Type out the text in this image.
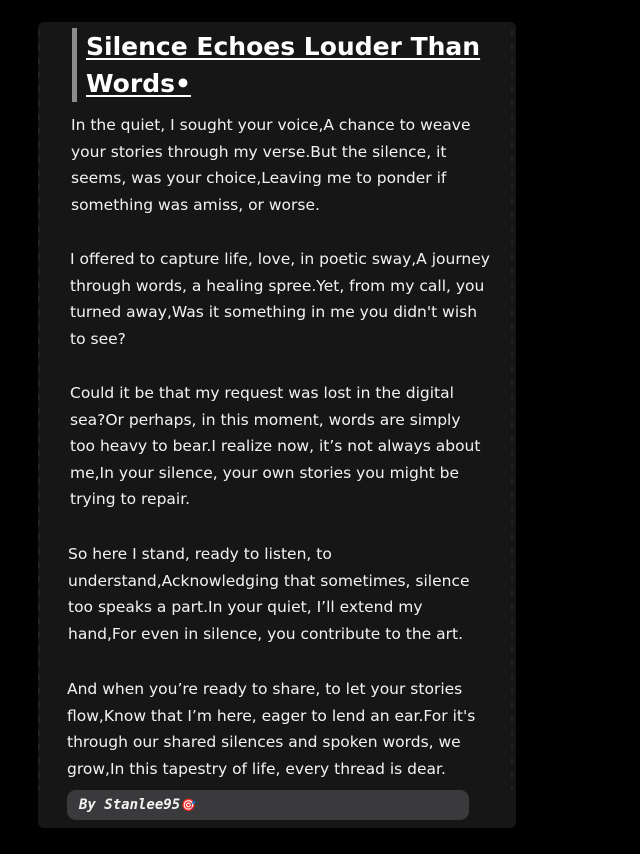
Silence Echoes Louder Than Words•

In the quiet, I sought your voice,A chance to weave your stories through my verse.But the silence, it seems, was your choice,Leaving me to ponder if something was amiss, or worse.

I offered to capture life, love, in poetic sway,A journey through words, a healing spree.Yet, from my call, you turned away,Was it something in me you didn't wish to see?

Could it be that my request was lost in the digital sea?Or perhaps, in this moment, words are simply too heavy to bear.I realize now, it’s not always about me,In your silence, your own stories you might be trying to repair.

So here I stand, ready to listen, to understand,Acknowledging that sometimes, silence too speaks a part.In your quiet, I’ll extend my hand,For even in silence, you contribute to the art.

And when you’re ready to share, to let your stories flow,Know that I’m here, eager to lend an ear.For it's through our shared silences and spoken words, we grow,In this tapestry of life, every thread is dear.

By Stanlee95🎯
